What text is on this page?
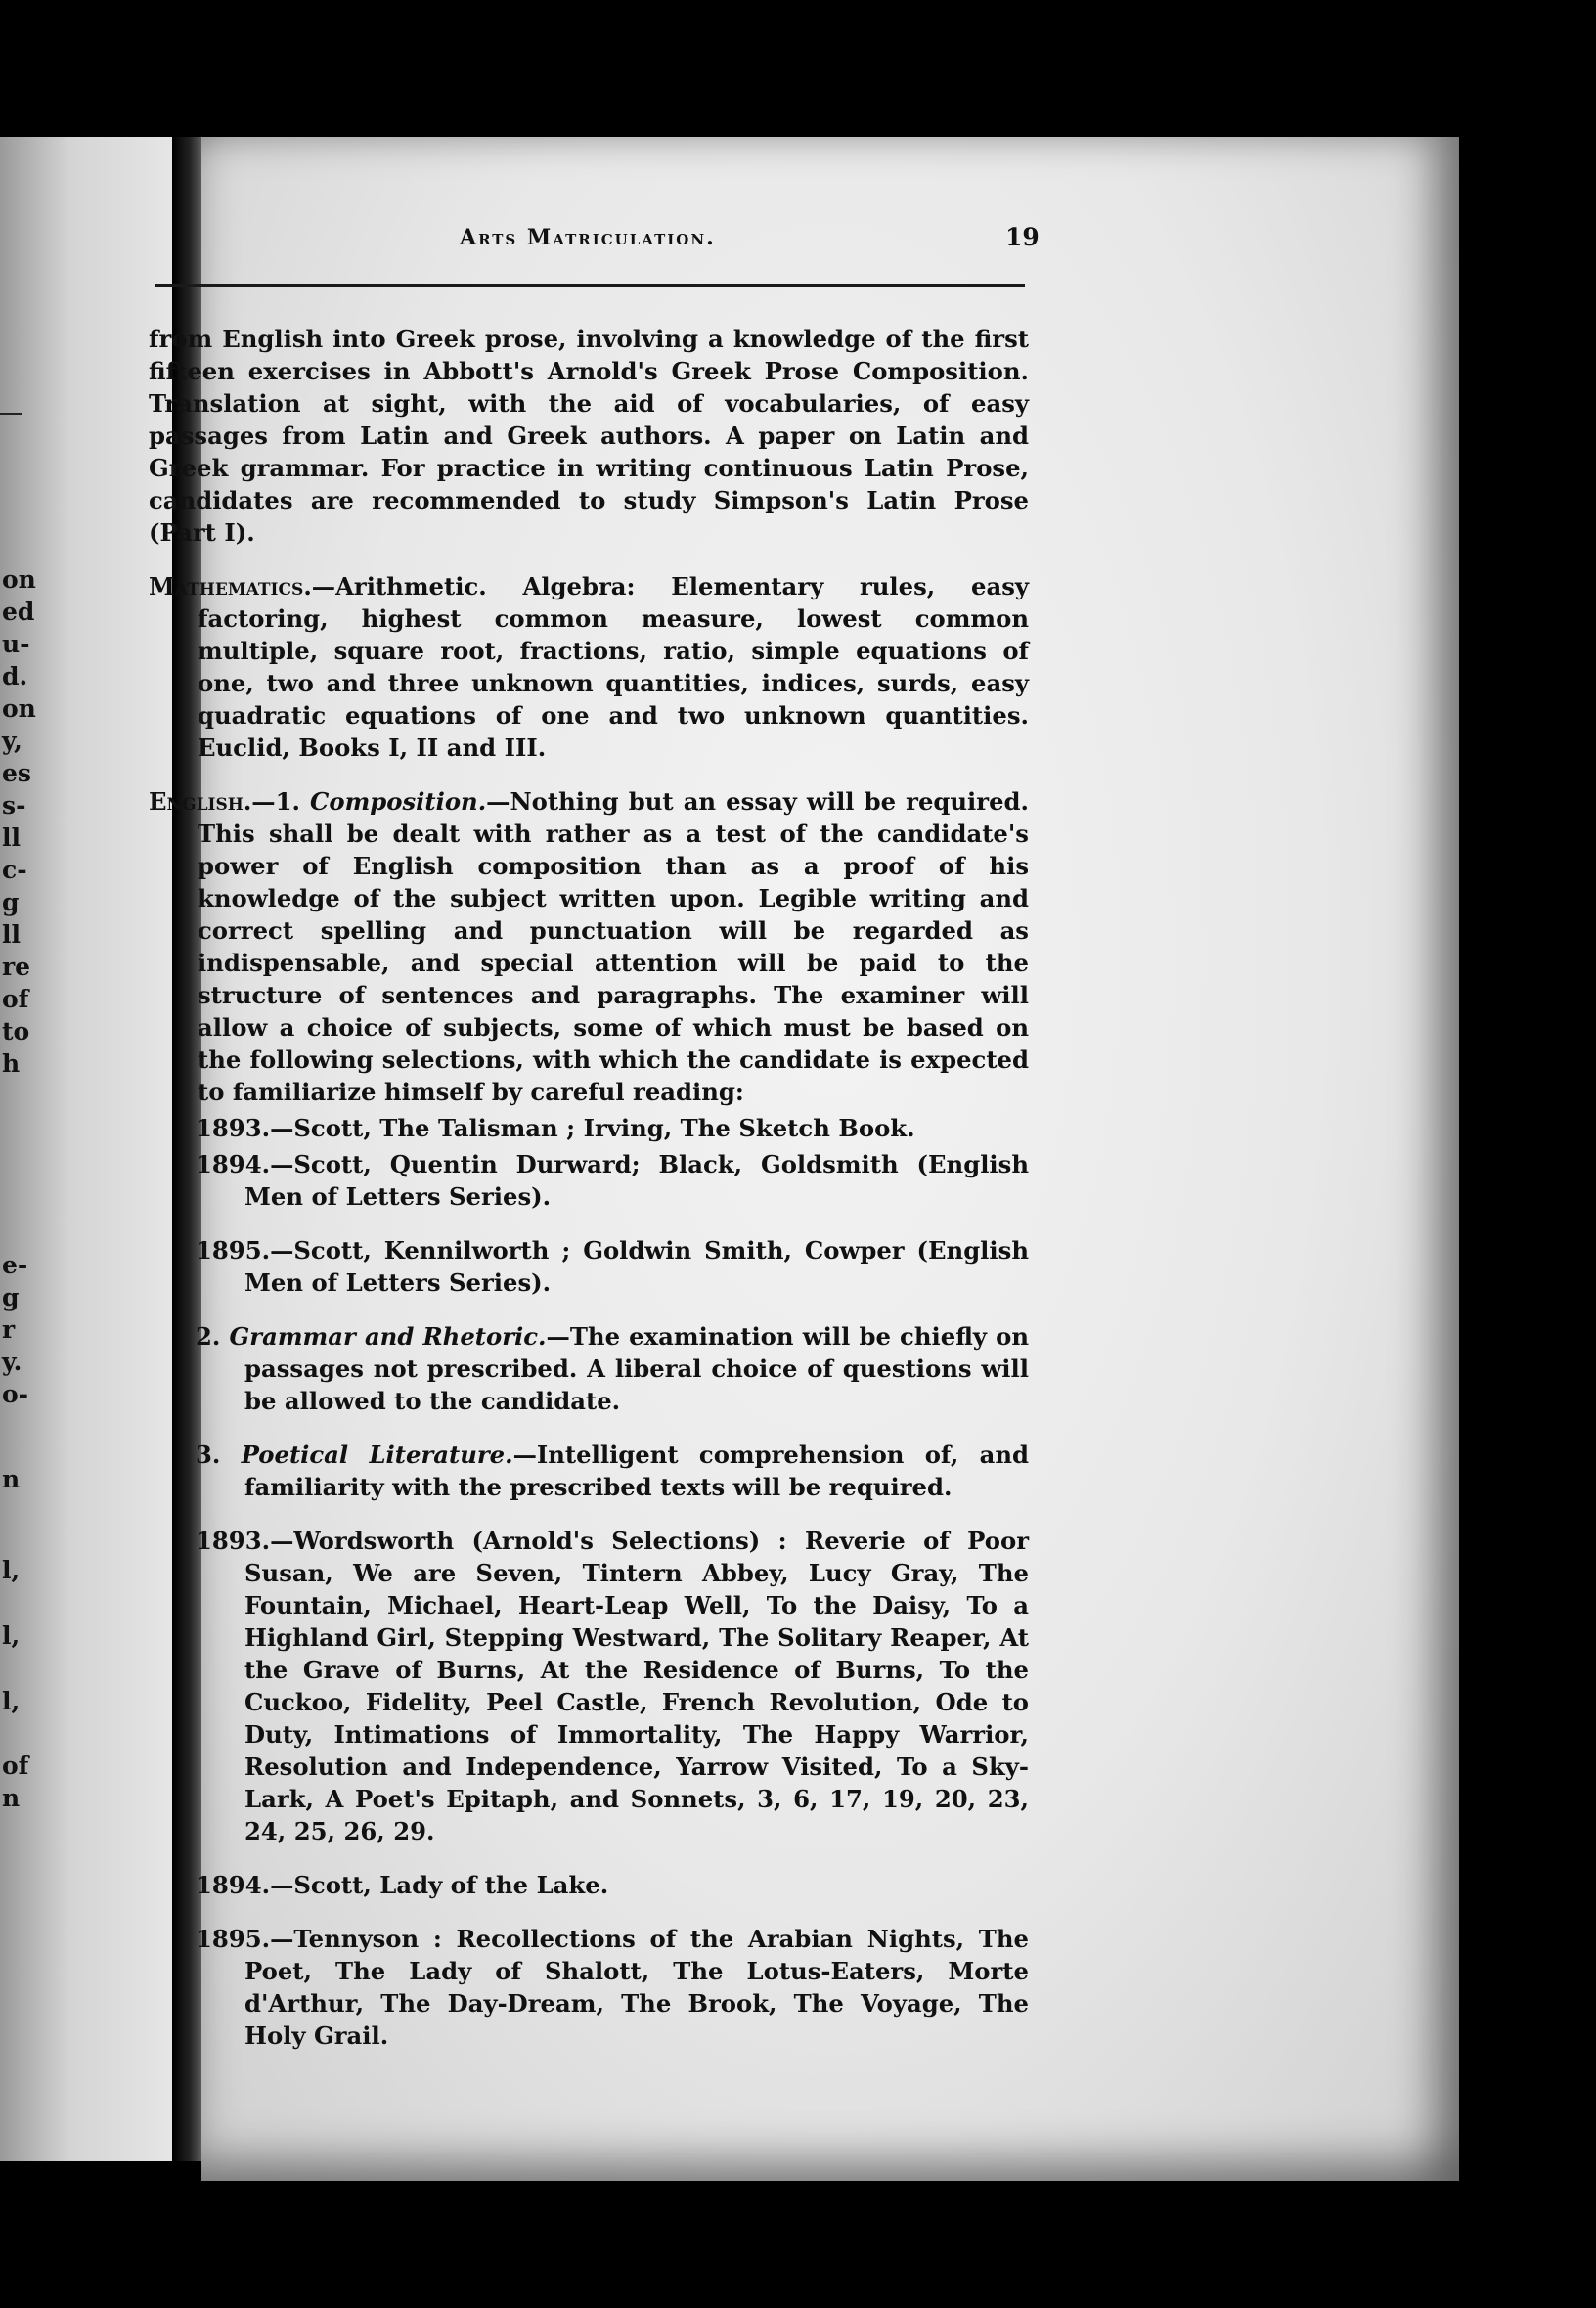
on
ed
u-
d.
on
y,
es
s-
ll
c-
g
ll
re
of
to
h
e-
g
r
y.
o-
n
l,
l,
l,
of
n
Arts Matriculation.	19

from English into Greek prose, involving a knowledge of the first fifteen exercises in Abbott's Arnold's Greek Prose Composition. Translation at sight, with the aid of vocabularies, of easy passages from Latin and Greek authors. A paper on Latin and Greek grammar. For practice in writing continuous Latin Prose, candidates are recommended to study Simpson's Latin Prose (Part I).

Mathematics.—Arithmetic. Algebra: Elementary rules, easy factoring, highest common measure, lowest common multiple, square root, fractions, ratio, simple equations of one, two and three unknown quantities, indices, surds, easy quadratic equations of one and two unknown quantities. Euclid, Books I, II and III.

English.—1. Composition.—Nothing but an essay will be required. This shall be dealt with rather as a test of the candidate's power of English composition than as a proof of his knowledge of the subject written upon. Legible writing and correct spelling and punctuation will be regarded as indispensable, and special attention will be paid to the structure of sentences and paragraphs. The examiner will allow a choice of subjects, some of which must be based on the following selections, with which the candidate is expected to familiarize himself by careful reading:

1893.—Scott, The Talisman ; Irving, The Sketch Book.

1894.—Scott, Quentin Durward; Black, Goldsmith (English Men of Letters Series).

1895.—Scott, Kennilworth ; Goldwin Smith, Cowper (English Men of Letters Series).

2. Grammar and Rhetoric.—The examination will be chiefly on passages not prescribed. A liberal choice of questions will be allowed to the candidate.

3. Poetical Literature.—Intelligent comprehension of, and familiarity with the prescribed texts will be required.

1893.—Wordsworth (Arnold's Selections) : Reverie of Poor Susan, We are Seven, Tintern Abbey, Lucy Gray, The Fountain, Michael, Heart-Leap Well, To the Daisy, To a Highland Girl, Stepping Westward, The Solitary Reaper, At the Grave of Burns, At the Residence of Burns, To the Cuckoo, Fidelity, Peel Castle, French Revolution, Ode to Duty, Intimations of Immortality, The Happy Warrior, Resolution and Independence, Yarrow Visited, To a Sky-Lark, A Poet's Epitaph, and Sonnets, 3, 6, 17, 19, 20, 23, 24, 25, 26, 29.

1894.—Scott, Lady of the Lake.

1895.—Tennyson : Recollections of the Arabian Nights, The Poet, The Lady of Shalott, The Lotus-Eaters, Morte d'Arthur, The Day-Dream, The Brook, The Voyage, The Holy Grail.
